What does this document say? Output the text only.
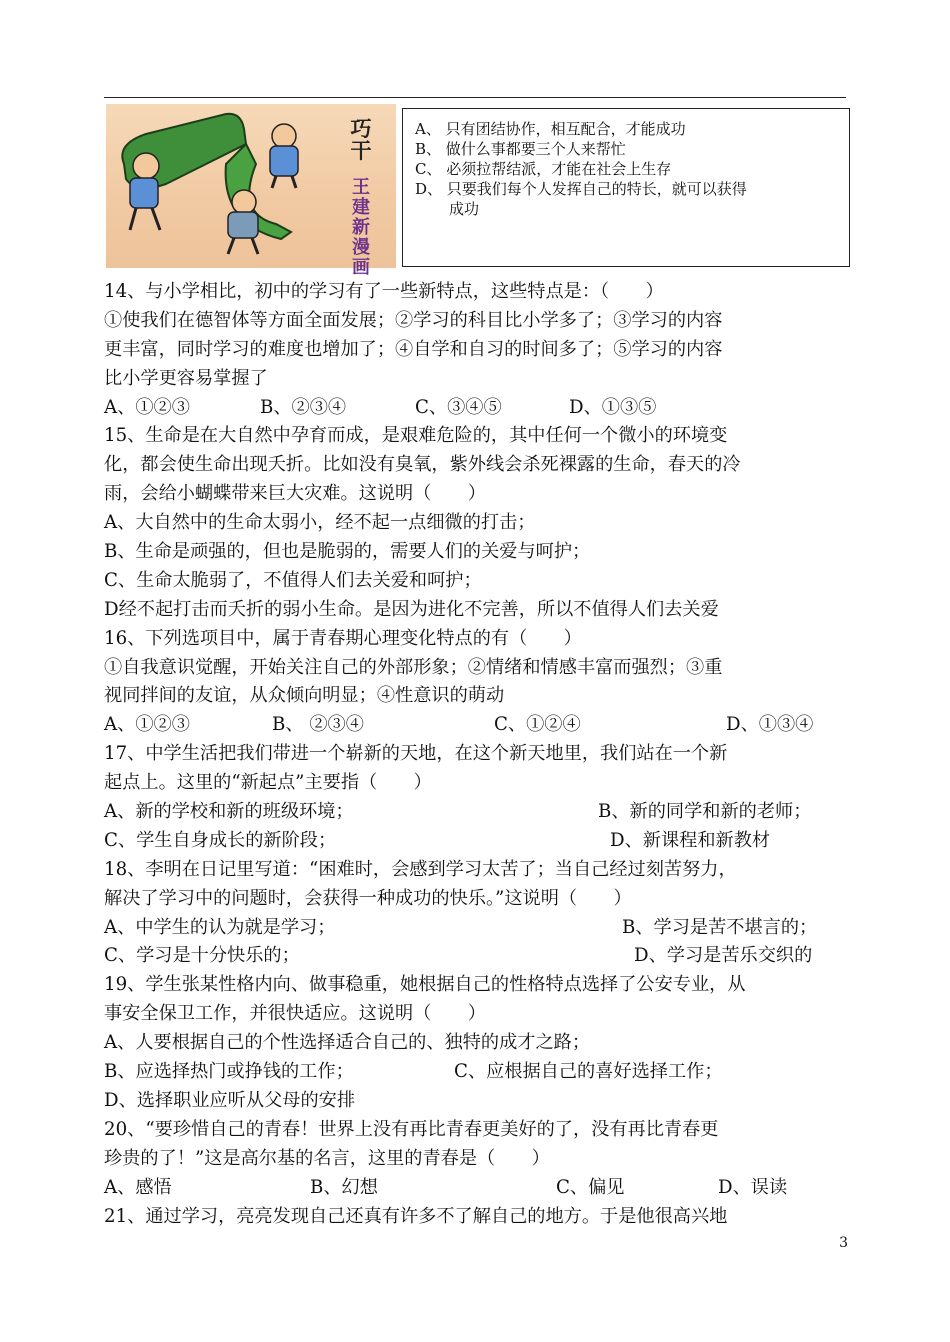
巧干
王建新漫画
A、 只有团结协作，相互配合，才能成功
B、 做什么事都要三个人来帮忙
C、 必须拉帮结派，才能在社会上生存
D、 只要我们每个人发挥自己的特长，就可以获得
成功
14、与小学相比，初中的学习有了一些新特点，这些特点是：（　　）
①使我们在德智体等方面全面发展；②学习的科目比小学多了；③学习的内容
更丰富，同时学习的难度也增加了；④自学和自习的时间多了；⑤学习的内容
比小学更容易掌握了
A、①②③	B、②③④	C、③④⑤	D、①③⑤
15、生命是在大自然中孕育而成，是艰难危险的，其中任何一个微小的环境变
化，都会使生命出现夭折。比如没有臭氧，紫外线会杀死裸露的生命，春天的冷
雨，会给小蝴蝶带来巨大灾难。这说明（　　）
A、大自然中的生命太弱小，经不起一点细微的打击；
B、生命是顽强的，但也是脆弱的，需要人们的关爱与呵护；
C、生命太脆弱了，不值得人们去关爱和呵护；
D经不起打击而夭折的弱小生命。是因为进化不完善，所以不值得人们去关爱
16、下列选项目中，属于青春期心理变化特点的有（　　）
①自我意识觉醒，开始关注自己的外部形象；②情绪和情感丰富而强烈；③重
视同拌间的友谊，从众倾向明显；④性意识的萌动
A、①②③	B、 ②③④	C、①②④	D、①③④
17、中学生活把我们带进一个崭新的天地，在这个新天地里，我们站在一个新
起点上。这里的“新起点”主要指（　　）
A、新的学校和新的班级环境；	B、新的同学和新的老师；
C、学生自身成长的新阶段；	D、新课程和新教材
18、李明在日记里写道：“困难时，会感到学习太苦了；当自己经过刻苦努力，
解决了学习中的问题时，会获得一种成功的快乐。”这说明（　　）
A、中学生的认为就是学习；	B、学习是苦不堪言的；
C、学习是十分快乐的；	D、学习是苦乐交织的
19、学生张某性格内向、做事稳重，她根据自己的性格特点选择了公安专业，从
事安全保卫工作，并很快适应。这说明（　　）
A、人要根据自己的个性选择适合自己的、独特的成才之路；
B、应选择热门或挣钱的工作；	C、应根据自己的喜好选择工作；
D、选择职业应听从父母的安排
20、“要珍惜自己的青春！世界上没有再比青春更美好的了，没有再比青春更
珍贵的了！”这是高尔基的名言，这里的青春是（　　）
A、感悟	B、幻想	C、偏见	D、误读
21、通过学习，亮亮发现自己还真有许多不了解自己的地方。于是他很高兴地
3
